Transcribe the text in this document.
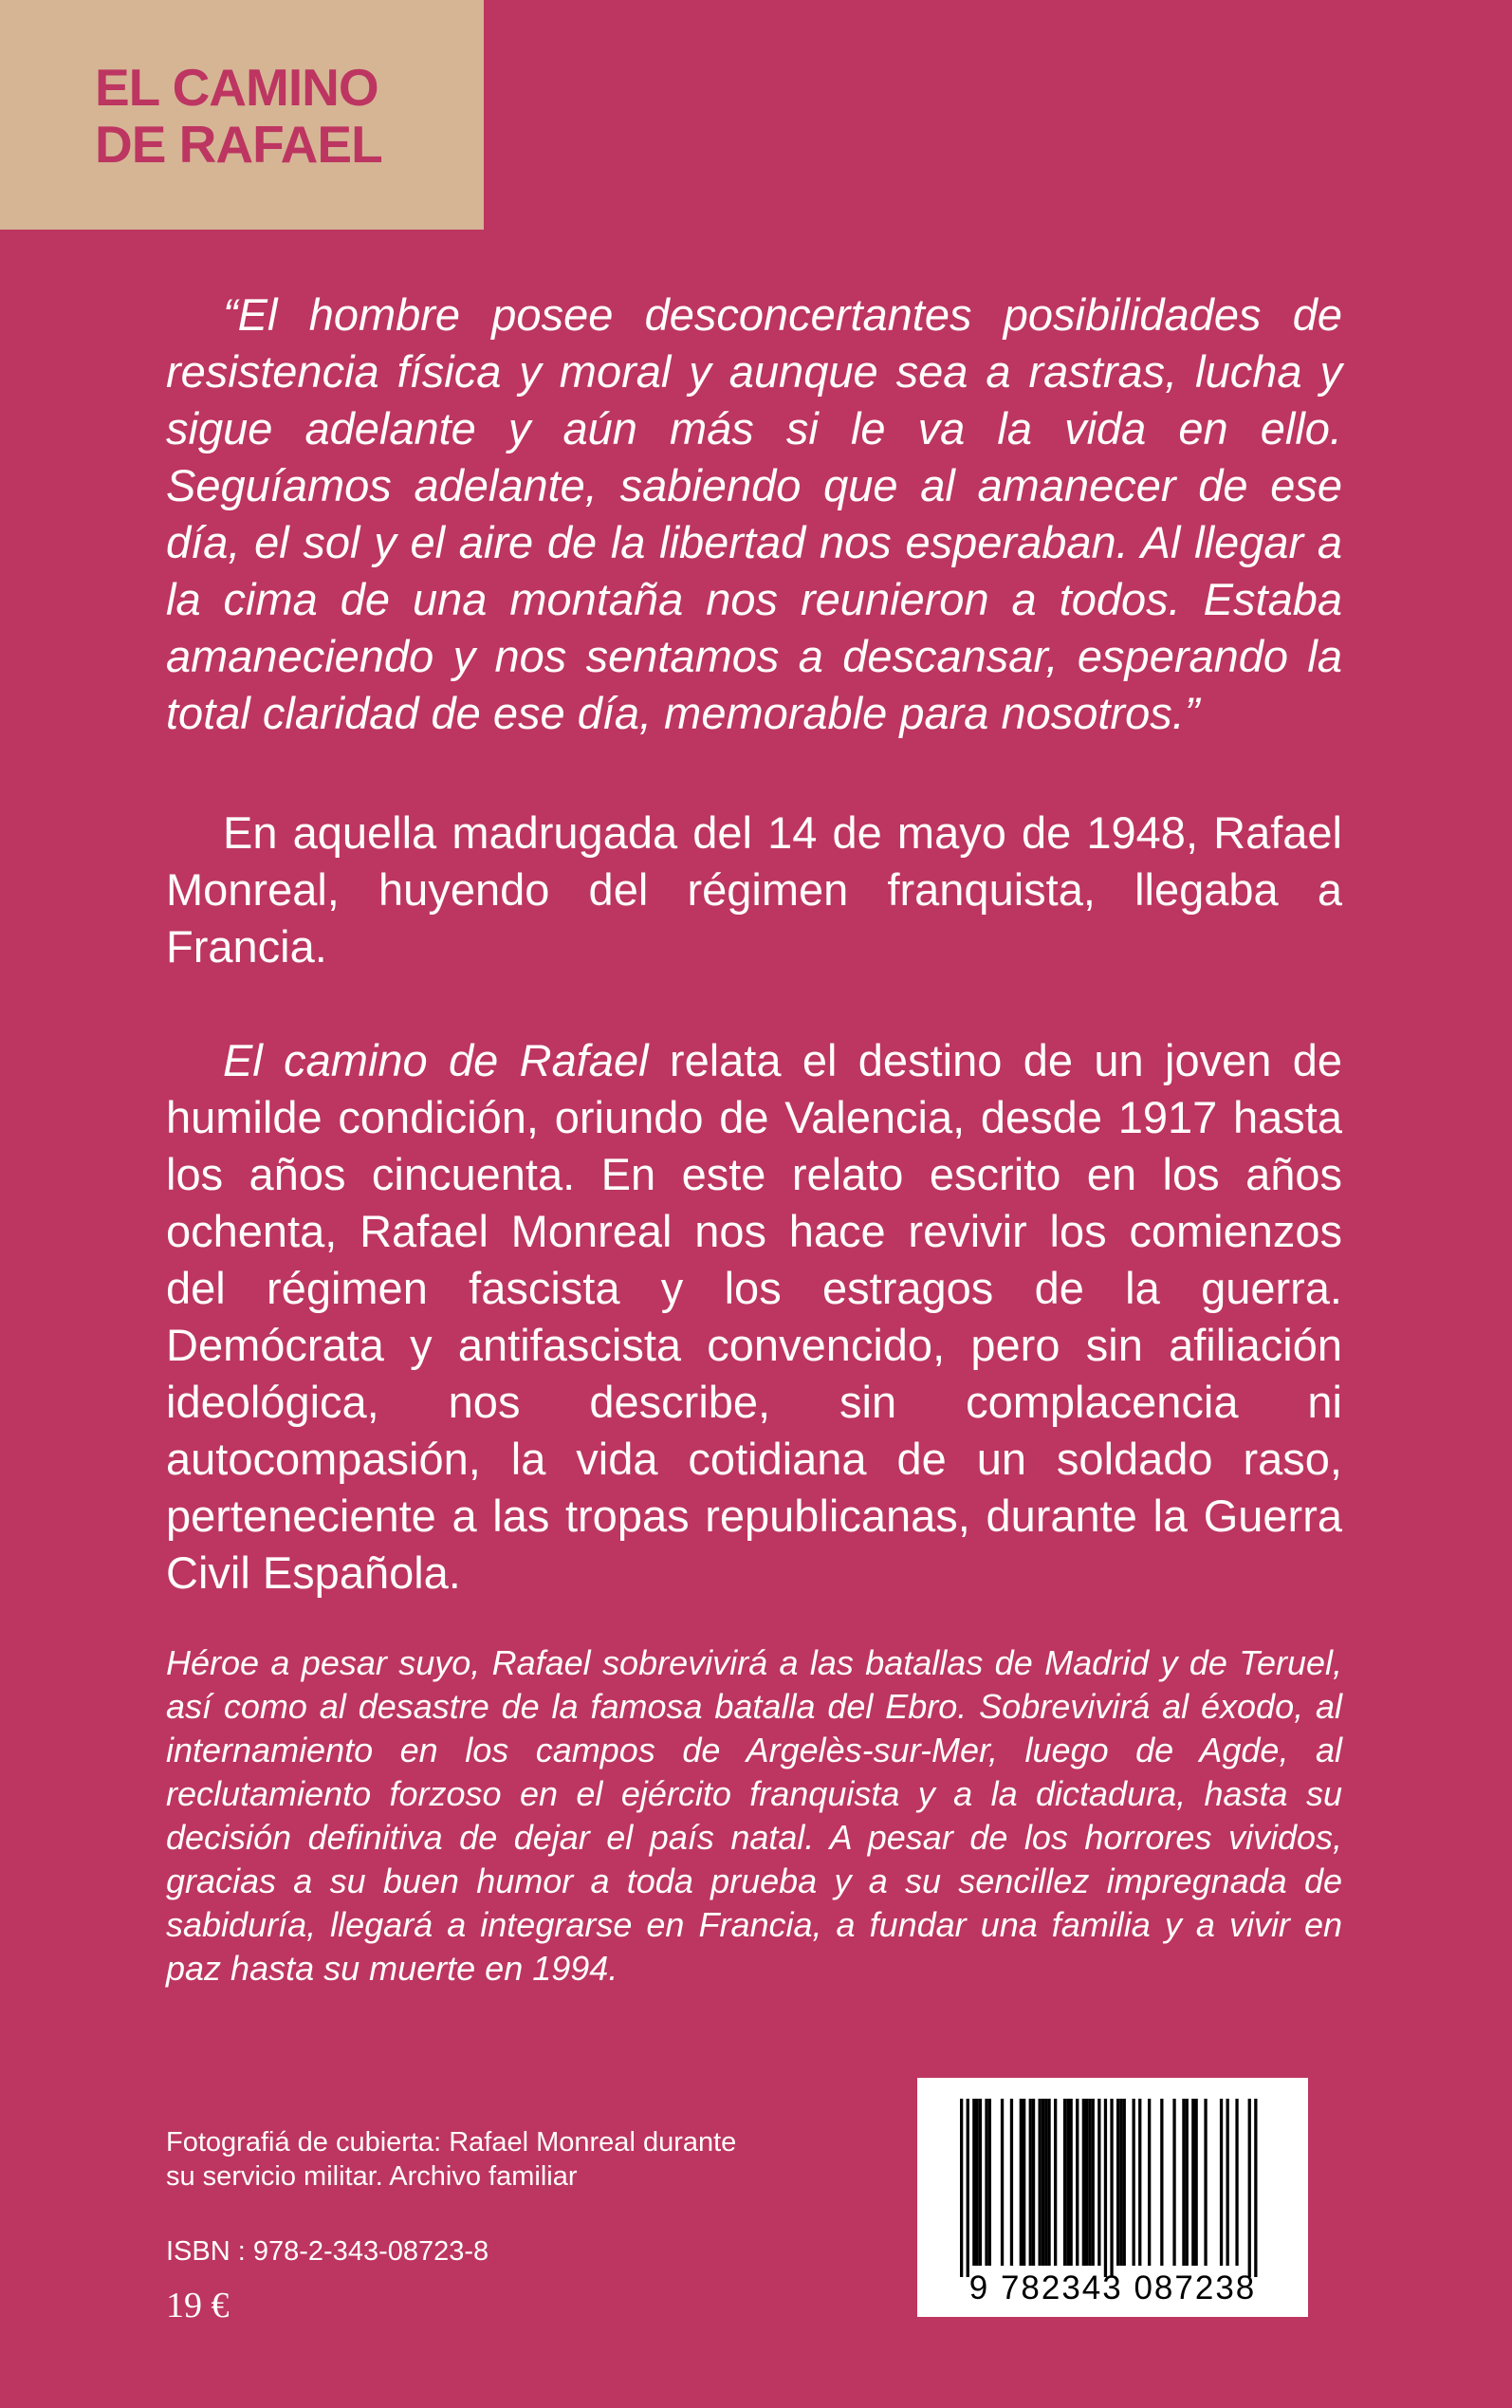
EL CAMINO
DE RAFAEL

“El hombre posee desconcertantes posibilidades de resistencia física y moral y aunque sea a rastras, lucha y sigue adelante y aún más si le va la vida en ello. Seguíamos adelante, sabiendo que al amanecer de ese día, el sol y el aire de la libertad nos esperaban. Al llegar a la cima de una montaña nos reunieron a todos. Estaba amaneciendo y nos sentamos a descansar, esperando la total claridad de ese día, memorable para nosotros.”

En aquella madrugada del 14 de mayo de 1948, Rafael Monreal, huyendo del régimen franquista, llegaba a Francia.

El camino de Rafael relata el destino de un joven de humilde condición, oriundo de Valencia, desde 1917 hasta los años cincuenta. En este relato escrito en los años ochenta, Rafael Monreal nos hace revivir los comienzos del régimen fascista y los estragos de la guerra. Demócrata y antifascista convencido, pero sin afiliación ideológica, nos describe, sin complacencia ni autocompasión, la vida cotidiana de un soldado raso, perteneciente a las tropas republicanas, durante la Guerra Civil Española.

Héroe a pesar suyo, Rafael sobrevivirá a las batallas de Madrid y de Teruel, así como al desastre de la famosa batalla del Ebro. Sobrevivirá al éxodo, al internamiento en los campos de Argelès-sur-Mer, luego de Agde, al reclutamiento forzoso en el ejército franquista y a la dictadura, hasta su decisión definitiva de dejar el país natal. A pesar de los horrores vividos, gracias a su buen humor a toda prueba y a su sencillez impregnada de sabiduría, llegará a integrarse en Francia, a fundar una familia y a vivir en paz hasta su muerte en 1994.

Fotografiá de cubierta: Rafael Monreal durante
su servicio militar. Archivo familiar
ISBN : 978-2-343-08723-8
19 €	9 782343 087238
